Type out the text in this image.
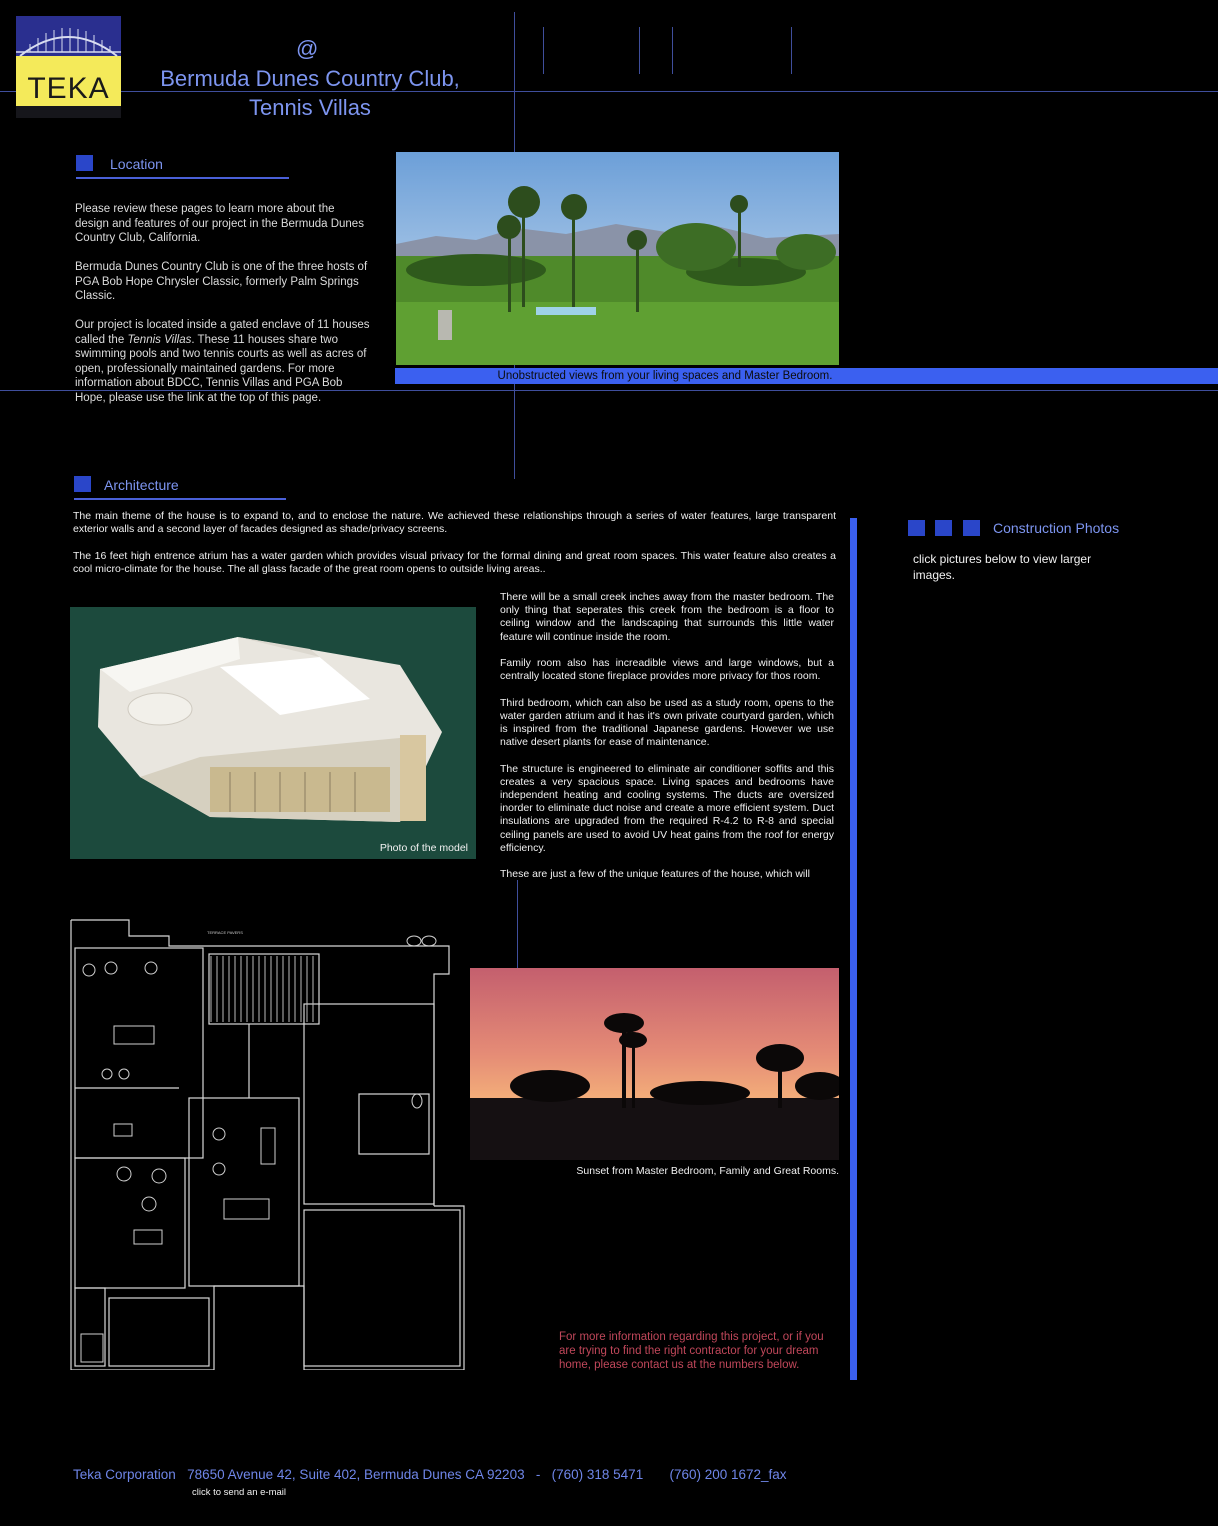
TEKA
@
Bermuda Dunes Country Club,
Tennis Villas
Location

Please review these pages to learn more about the design and features of our project in the Bermuda Dunes Country Club, California.

Bermuda Dunes Country Club is one of the three hosts of PGA Bob Hope Chrysler Classic, formerly Palm Springs Classic.

Our project is located inside a gated enclave of 11 houses called the Tennis Villas. These 11 houses share two swimming pools and two tennis courts as well as acres of open, professionally maintained gardens. For more information about BDCC, Tennis Villas and PGA Bob Hope, please use the link at the top of this page.

Unobstructed views from your living spaces and Master Bedroom.
Architecture

The main theme of the house is to expand to, and to enclose the nature. We achieved these relationships through a series of water features, large transparent exterior walls and a second layer of facades designed as shade/privacy screens.

The 16 feet high entrence atrium has a water garden which provides visual privacy for the formal dining and great room spaces. This water feature also creates a cool micro-climate for the house. The all glass facade of the great room opens to outside living areas..

Photo of the model

There will be a small creek inches away from the master bedroom. The only thing that seperates this creek from the bedroom is a floor to ceiling window and the landscaping that surrounds this little water feature will continue inside the room.

Family room also has increadible views and large windows, but a centrally located stone fireplace provides more privacy for thos room.

Third bedroom, which can also be used as a study room, opens to the water garden atrium and it has it's own private courtyard garden, which is inspired from the traditional Japanese gardens. However we use native desert plants for ease of maintenance.

The structure is engineered to eliminate air conditioner soffits and this creates a very spacious space. Living spaces and bedrooms have independent heating and cooling systems. The ducts are oversized inorder to eliminate duct noise and create a more efficient system. Duct insulations are upgraded from the required R-4.2 to R-8 and special ceiling panels are used to avoid UV heat gains from the roof for energy efficiency.

These are just a few of the unique features of the house, which will

TERRACE PAVERS
Sunset from Master Bedroom, Family and Great Rooms.
For more information regarding this project, or if you are trying to find the right contractor for your dream home, please contact us at the numbers below.
Construction Photos
click pictures below to view larger images.
Teka Corporation 78650 Avenue 42, Suite 402, Bermuda Dunes CA 92203 - (760) 318 5471 (760) 200 1672_fax
click to send an e-mail
